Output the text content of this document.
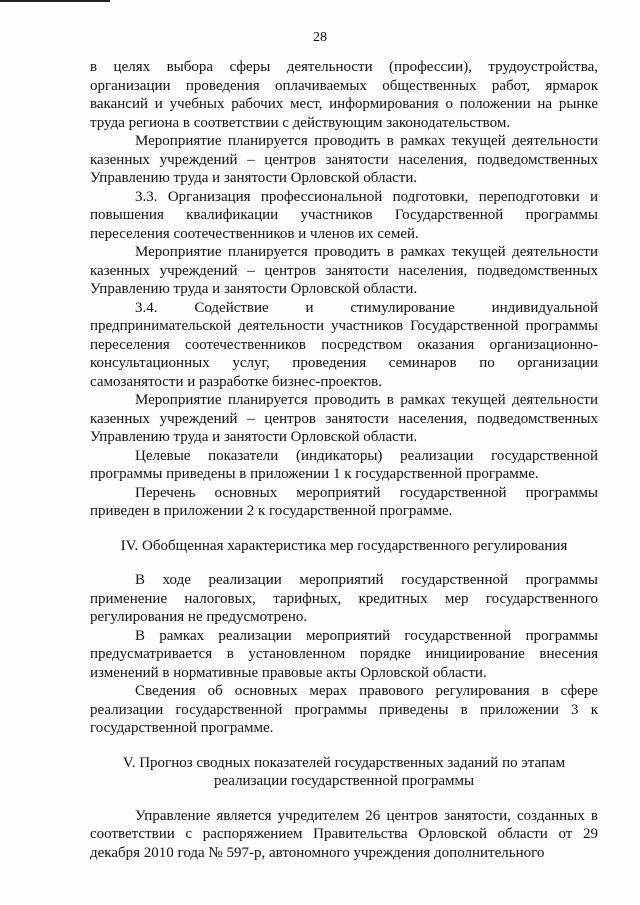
28

в целях выбора сферы деятельности (профессии), трудоустройства, организации проведения оплачиваемых общественных работ, ярмарок вакансий и учебных рабочих мест, информирования о положении на рынке труда региона в соответствии с действующим законодательством.

Мероприятие планируется проводить в рамках текущей деятельности казенных учреждений – центров занятости населения, подведомственных Управлению труда и занятости Орловской области.

3.3. Организация профессиональной подготовки, переподготовки и повышения квалификации участников Государственной программы переселения соотечественников и членов их семей.

Мероприятие планируется проводить в рамках текущей деятельности казенных учреждений – центров занятости населения, подведомственных Управлению труда и занятости Орловской области.

3.4. Содействие и стимулирование индивидуальной предпринимательской деятельности участников Государственной программы переселения соотечественников посредством оказания организационно-консультационных услуг, проведения семинаров по организации самозанятости и разработке бизнес-проектов.

Мероприятие планируется проводить в рамках текущей деятельности казенных учреждений – центров занятости населения, подведомственных Управлению труда и занятости Орловской области.

Целевые показатели (индикаторы) реализации государственной программы приведены в приложении 1 к государственной программе.

Перечень основных мероприятий государственной программы приведен в приложении 2 к государственной программе.

IV. Обобщенная характеристика мер государственного регулирования

В ходе реализации мероприятий государственной программы применение налоговых, тарифных, кредитных мер государственного регулирования не предусмотрено.

В рамках реализации мероприятий государственной программы предусматривается в установленном порядке инициирование внесения изменений в нормативные правовые акты Орловской области.

Сведения об основных мерах правового регулирования в сфере реализации государственной программы приведены в приложении 3 к государственной программе.

V. Прогноз сводных показателей государственных заданий по этапам реализации государственной программы

Управление является учредителем 26 центров занятости, созданных в соответствии с распоряжением Правительства Орловской области от 29 декабря 2010 года № 597-р, автономного учреждения дополнительного
